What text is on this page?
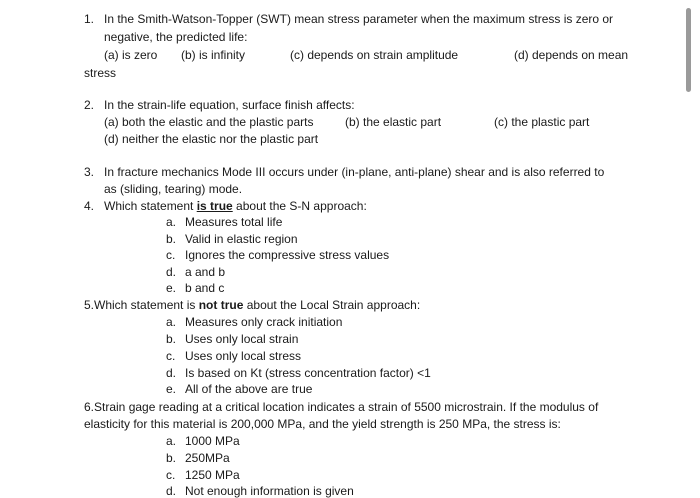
1. In the Smith-Watson-Topper (SWT) mean stress parameter when the maximum stress is zero or
negative, the predicted life:
(a) is zero (b) is infinity	(c) depends on strain amplitude	(d) depends on mean
stress
2. In the strain-life equation, surface finish affects:
(a) both the elastic and the plastic parts	(b) the elastic part	(c) the plastic part
(d) neither the elastic nor the plastic part
3. In fracture mechanics Mode III occurs under (in-plane, anti-plane) shear and is also referred to
as (sliding, tearing) mode.
4. Which statement is true about the S-N approach:
a. Measures total life
b. Valid in elastic region
c. Ignores the compressive stress values
d. a and b
e. b and c
5.Which statement is not true about the Local Strain approach:
a. Measures only crack initiation
b. Uses only local strain
c. Uses only local stress
d. Is based on Kt (stress concentration factor) <1
e. All of the above are true
6.Strain gage reading at a critical location indicates a strain of 5500 microstrain. If the modulus of
elasticity for this material is 200,000 MPa, and the yield strength is 250 MPa, the stress is:
a. 1000 MPa
b. 250MPa
c. 1250 MPa
d. Not enough information is given
